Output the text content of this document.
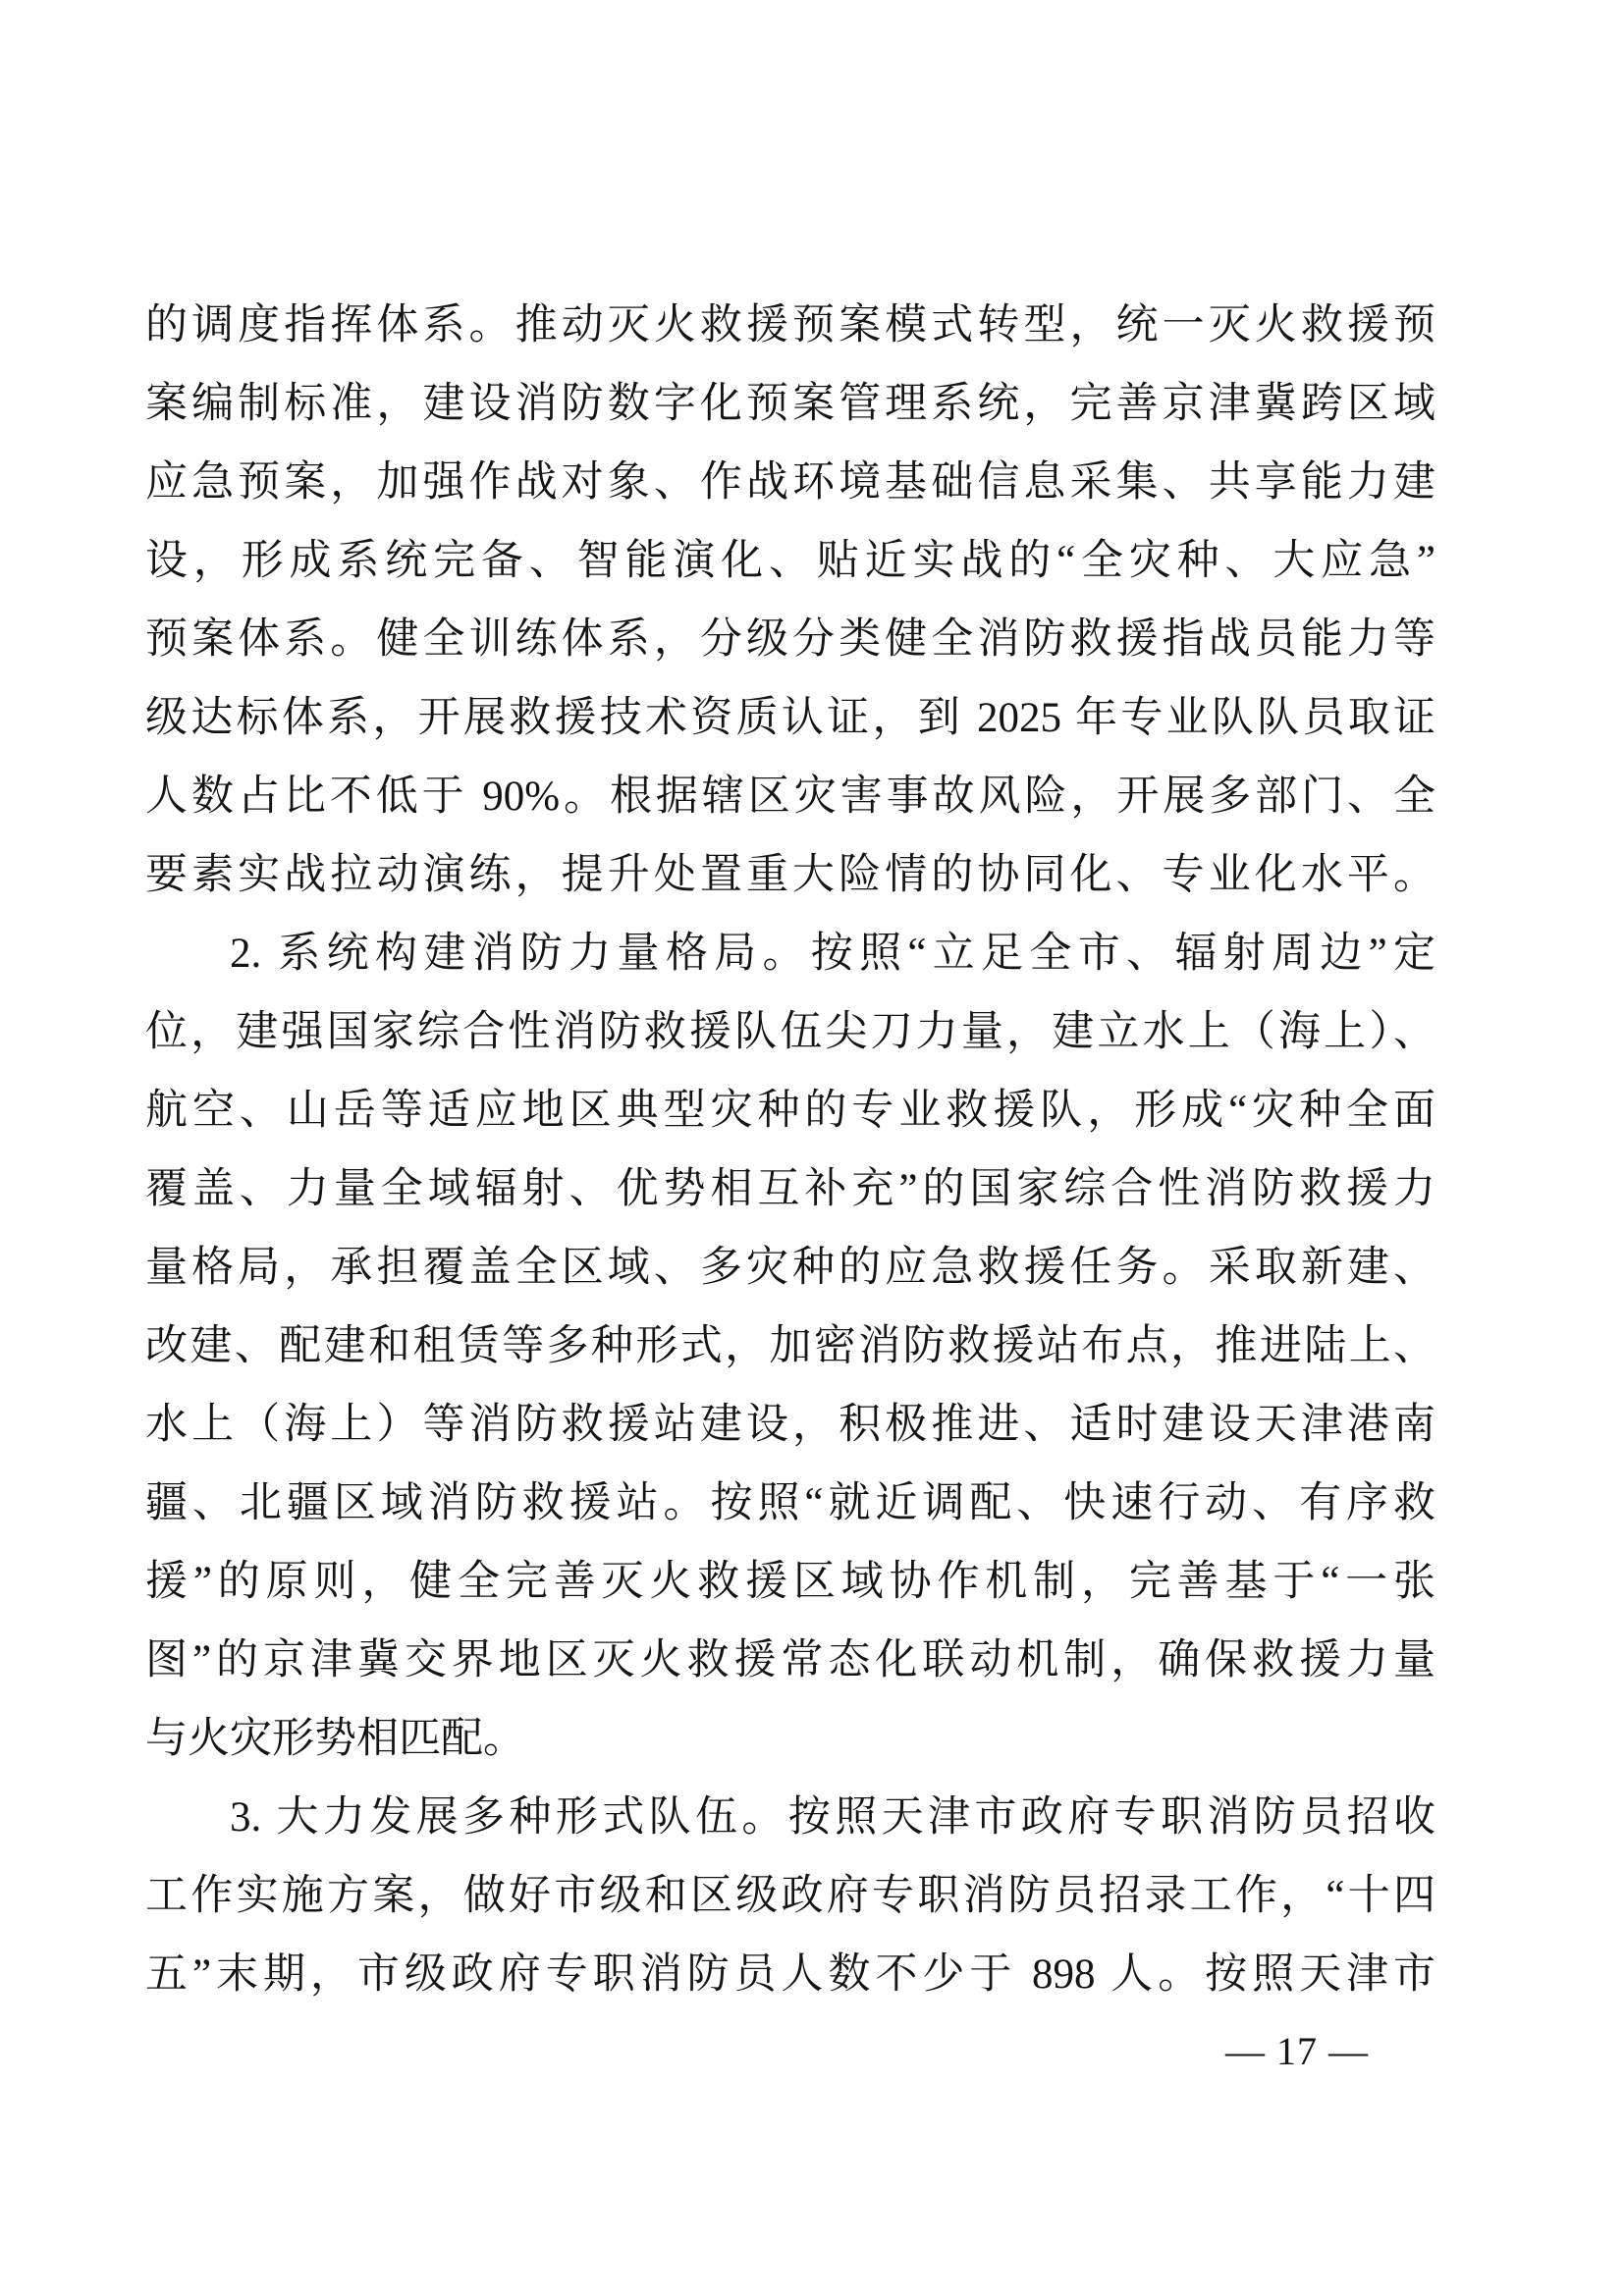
的调度指挥体系。推动灭火救援预案模式转型，统一灭火救援预
案编制标准，建设消防数字化预案管理系统，完善京津冀跨区域
应急预案，加强作战对象、作战环境基础信息采集、共享能力建
设，形成系统完备、智能演化、贴近实战的“全灾种、大应急”
预案体系。健全训练体系，分级分类健全消防救援指战员能力等
级达标体系，开展救援技术资质认证，到 2025 年专业队队员取证
人数占比不低于 90%。根据辖区灾害事故风险，开展多部门、全
要素实战拉动演练，提升处置重大险情的协同化、专业化水平。
2. 系统构建消防力量格局。按照“立足全市、辐射周边”定
位，建强国家综合性消防救援队伍尖刀力量，建立水上（海上）、
航空、山岳等适应地区典型灾种的专业救援队，形成“灾种全面
覆盖、力量全域辐射、优势相互补充”的国家综合性消防救援力
量格局，承担覆盖全区域、多灾种的应急救援任务。采取新建、
改建、配建和租赁等多种形式，加密消防救援站布点，推进陆上、
水上（海上）等消防救援站建设，积极推进、适时建设天津港南
疆、北疆区域消防救援站。按照“就近调配、快速行动、有序救
援”的原则，健全完善灭火救援区域协作机制，完善基于“一张
图”的京津冀交界地区灭火救援常态化联动机制，确保救援力量
与火灾形势相匹配。
3. 大力发展多种形式队伍。按照天津市政府专职消防员招收
工作实施方案，做好市级和区级政府专职消防员招录工作，“十四
五”末期，市级政府专职消防员人数不少于 898 人。按照天津市
— 17 —
